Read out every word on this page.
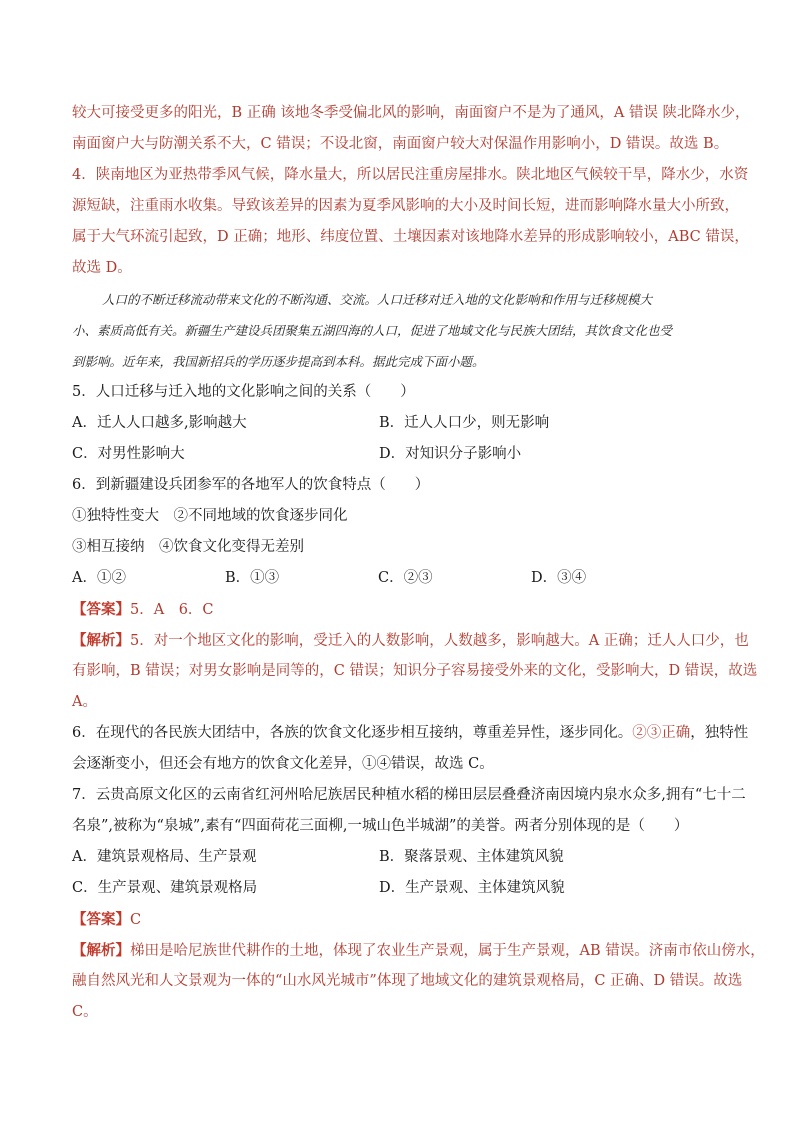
较大可接受更多的阳光，B 正确 该地冬季受偏北风的影响，南面窗户不是为了通风，A 错误 陕北降水少，
南面窗户大与防潮关系不大，C 错误；不设北窗，南面窗户较大对保温作用影响小，D 错误。故选 B。
4．陕南地区为亚热带季风气候，降水量大，所以居民注重房屋排水。陕北地区气候较干旱，降水少，水资
源短缺，注重雨水收集。导致该差异的因素为夏季风影响的大小及时间长短，进而影响降水量大小所致，
属于大气环流引起致，D 正确；地形、纬度位置、土壤因素对该地降水差异的形成影响较小，ABC 错误，
故选 D。
人口的不断迁移流动带来文化的不断沟通、交流。人口迁移对迁入地的文化影响和作用与迁移规模大
小、素质高低有关。新疆生产建设兵团聚集五湖四海的人口，促进了地域文化与民族大团结，其饮食文化也受
到影响。近年来，我国新招兵的学历逐步提高到本科。据此完成下面小题。
5．人口迁移与迁入地的文化影响之间的关系（　　）
A．迁人人口越多,影响越大	B．迁人人口少，则无影响
C．对男性影响大	D．对知识分子影响小
6．到新疆建设兵团参军的各地军人的饮食特点（　　）
①独特性变大　②不同地域的饮食逐步同化
③相互接纳　④饮食文化变得无差别
A．①②	B．①③	C．②③	D．③④
【答案】5．A　6．C
【解析】5．对一个地区文化的影响，受迁入的人数影响，人数越多，影响越大。A 正确；迁人人口少，也
有影响，B 错误；对男女影响是同等的，C 错误；知识分子容易接受外来的文化，受影响大，D 错误，故选
A。
6．在现代的各民族大团结中，各族的饮食文化逐步相互接纳，尊重差异性，逐步同化。②③正确，独特性
会逐渐变小，但还会有地方的饮食文化差异，①④错误，故选 C。
7．云贵高原文化区的云南省红河州哈尼族居民种植水稻的梯田层层叠叠济南因境内泉水众多,拥有“七十二
名泉”,被称为“泉城”,素有“四面荷花三面柳,一城山色半城湖”的美誉。两者分别体现的是（　　）
A．建筑景观格局、生产景观	B．聚落景观、主体建筑风貌
C．生产景观、建筑景观格局	D．生产景观、主体建筑风貌
【答案】C
【解析】梯田是哈尼族世代耕作的土地，体现了农业生产景观，属于生产景观，AB 错误。济南市依山傍水，
融自然风光和人文景观为一体的“山水风光城市”体现了地域文化的建筑景观格局，C 正确、D 错误。故选
C。
